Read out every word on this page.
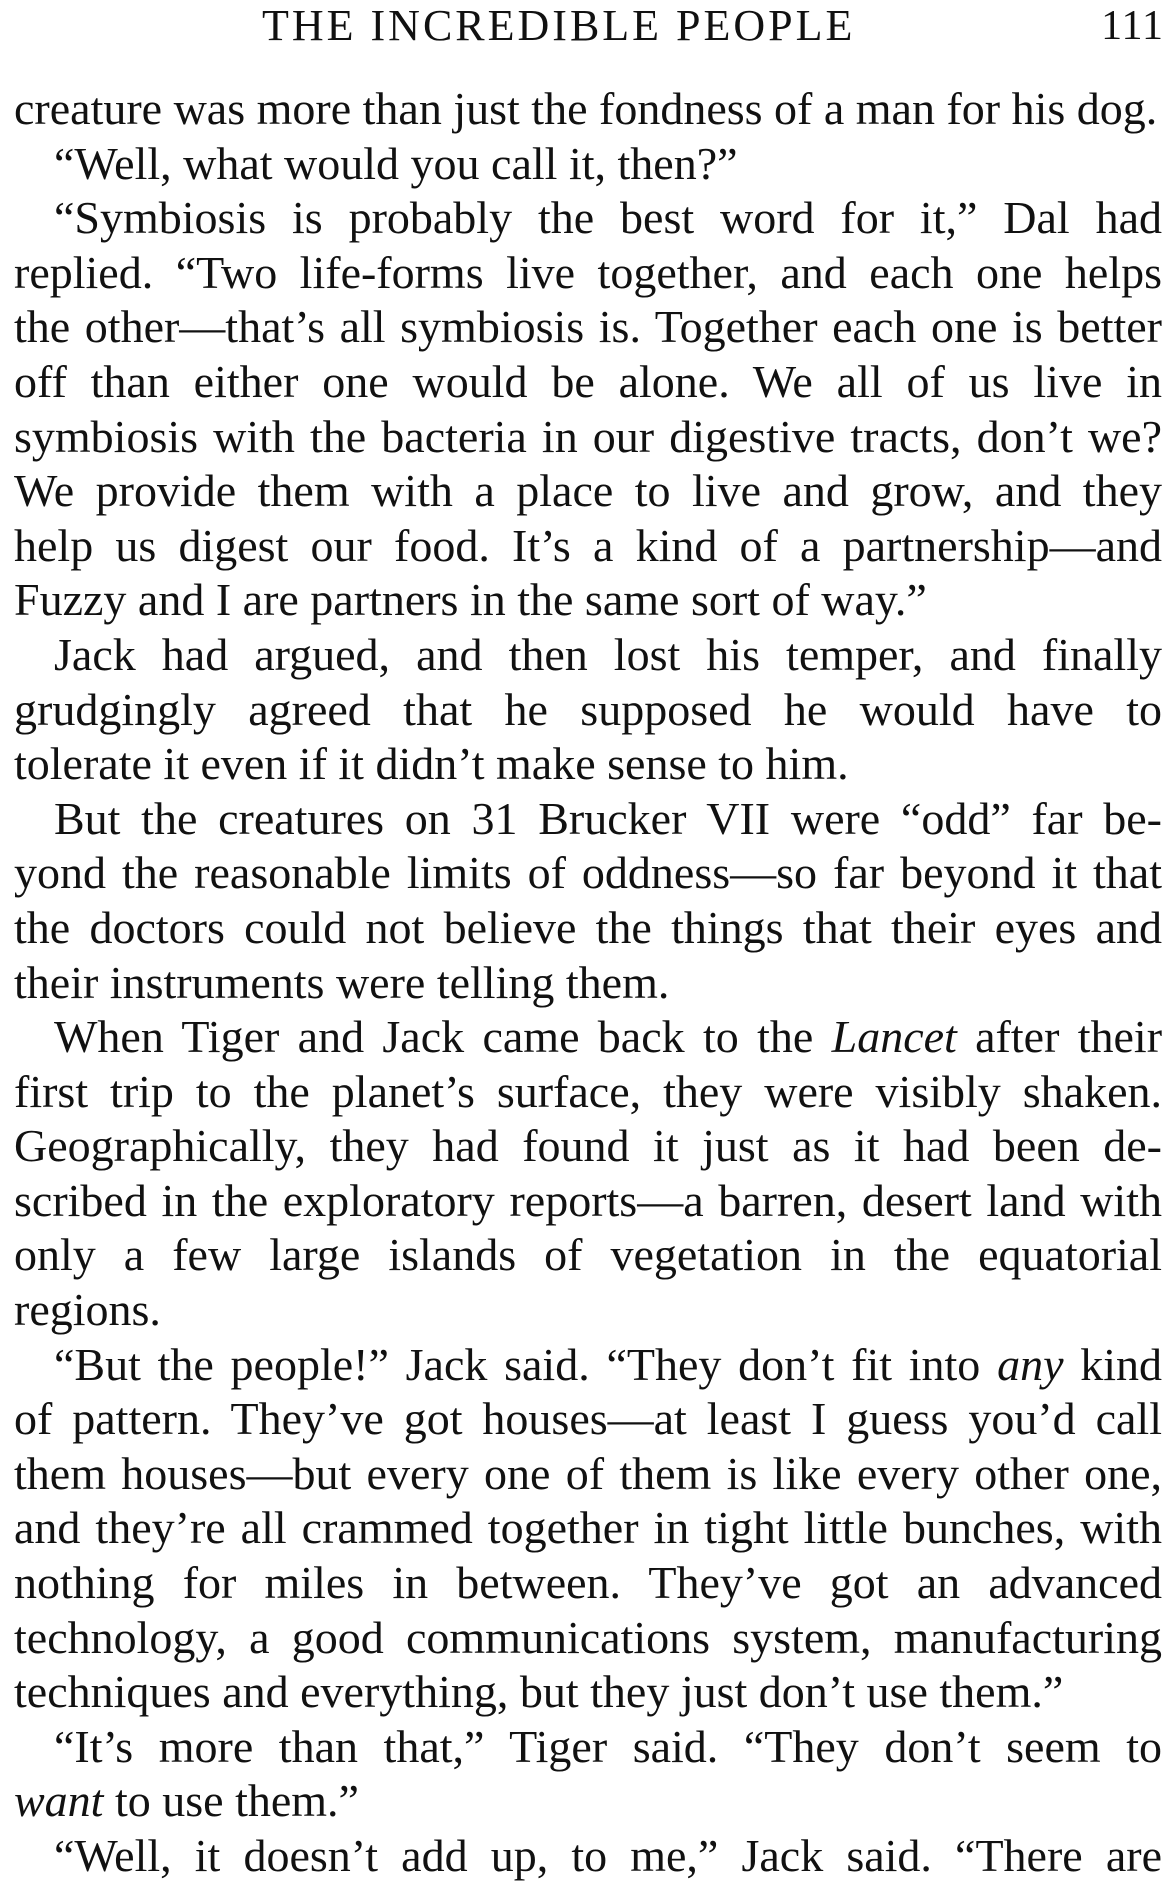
THE INCREDIBLE PEOPLE	111
creature was more than just the fondness of a man for his dog.
“Well, what would you call it, then?”
“Symbiosis is probably the best word for it,” Dal had
replied. “Two life-forms live together, and each one helps
the other—that’s all symbiosis is. Together each one is better
off than either one would be alone. We all of us live in
symbiosis with the bacteria in our digestive tracts, don’t we?
We provide them with a place to live and grow, and they
help us digest our food. It’s a kind of a partnership—and
Fuzzy and I are partners in the same sort of way.”
Jack had argued, and then lost his temper, and finally
grudgingly agreed that he supposed he would have to
tolerate it even if it didn’t make sense to him.
But the creatures on 31 Brucker VII were “odd” far be-
yond the reasonable limits of oddness—so far beyond it that
the doctors could not believe the things that their eyes and
their instruments were telling them.
When Tiger and Jack came back to the Lancet after their
first trip to the planet’s surface, they were visibly shaken.
Geographically, they had found it just as it had been de-
scribed in the exploratory reports—a barren, desert land with
only a few large islands of vegetation in the equatorial
regions.
“But the people!” Jack said. “They don’t fit into any kind
of pattern. They’ve got houses—at least I guess you’d call
them houses—but every one of them is like every other one,
and they’re all crammed together in tight little bunches, with
nothing for miles in between. They’ve got an advanced
technology, a good communications system, manufacturing
techniques and everything, but they just don’t use them.”
“It’s more than that,” Tiger said. “They don’t seem to
want to use them.”
“Well, it doesn’t add up, to me,” Jack said. “There are
